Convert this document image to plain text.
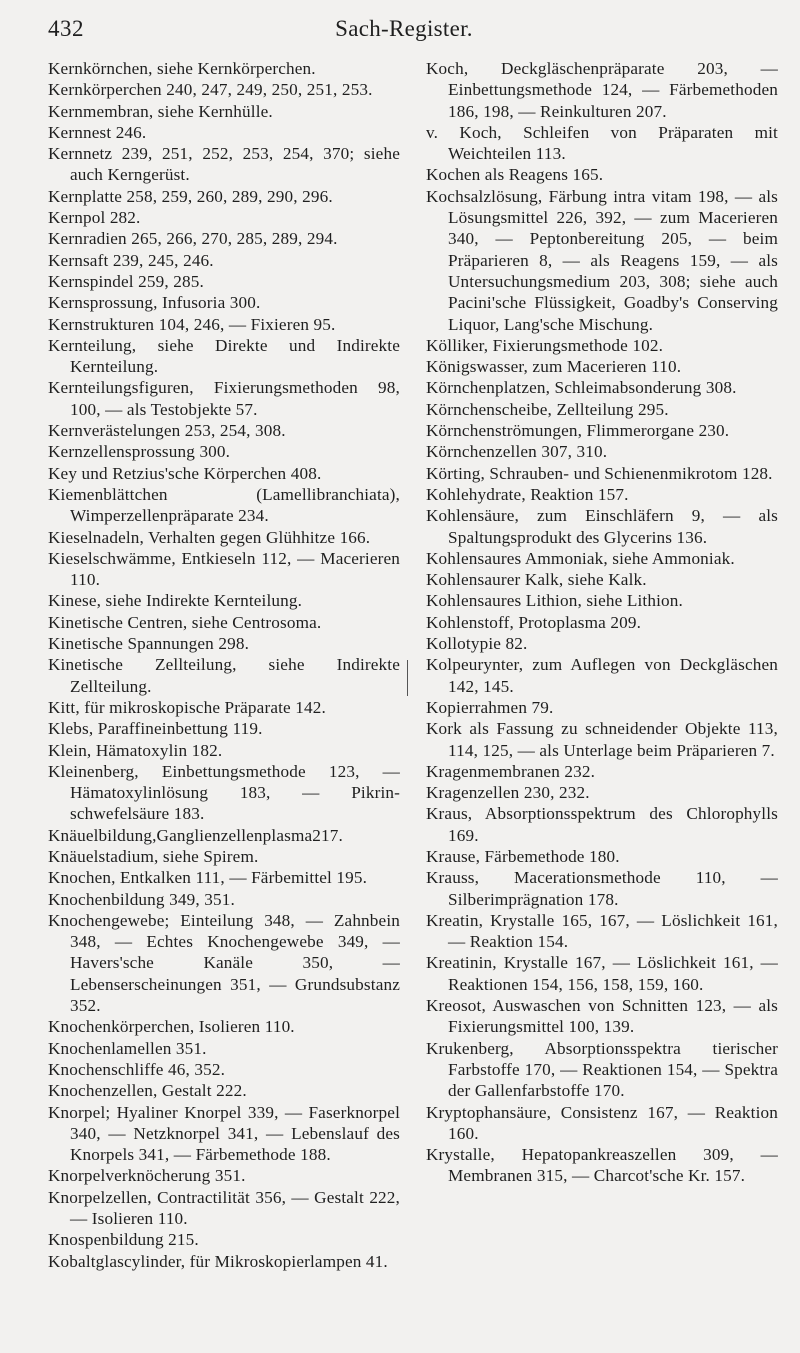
432	Sach-Register.

Kernkörnchen, siehe Kernkörperchen.

Kernkörperchen 240, 247, 249, 250, 251, 253.

Kernmembran, siehe Kernhülle.

Kernnest 246.

Kernnetz 239, 251, 252, 253, 254, 370; siehe auch Kerngerüst.

Kernplatte 258, 259, 260, 289, 290, 296.

Kernpol 282.

Kernradien 265, 266, 270, 285, 289, 294.

Kernsaft 239, 245, 246.

Kernspindel 259, 285.

Kernsprossung, Infusoria 300.

Kernstrukturen 104, 246, — Fixieren 95.

Kernteilung, siehe Direkte und Indirekte Kernteilung.

Kernteilungsfiguren, Fixierungsmethoden 98, 100, — als Testobjekte 57.

Kernverästelungen 253, 254, 308.

Kernzellensprossung 300.

Key und Retzius'sche Körperchen 408.

Kiemenblättchen (Lamellibranchiata), Wimperzellenpräparate 234.

Kieselnadeln, Verhalten gegen Glühhitze 166.

Kieselschwämme, Entkieseln 112, — Macerieren 110.

Kinese, siehe Indirekte Kernteilung.

Kinetische Centren, siehe Centrosoma.

Kinetische Spannungen 298.

Kinetische Zellteilung, siehe Indirekte Zellteilung.

Kitt, für mikroskopische Präparate 142.

Klebs, Paraffineinbettung 119.

Klein, Hämatoxylin 182.

Kleinenberg, Einbettungsmethode 123, — Hämatoxylinlösung 183, — Pikrin-schwefelsäure 183.

Knäuelbildung,Ganglienzellenplasma217.

Knäuelstadium, siehe Spirem.

Knochen, Entkalken 111, — Färbemittel 195.

Knochenbildung 349, 351.

Knochengewebe; Einteilung 348, — Zahnbein 348, — Echtes Knochengewebe 349, — Havers'sche Kanäle 350, — Lebenserscheinungen 351, — Grundsubstanz 352.

Knochenkörperchen, Isolieren 110.

Knochenlamellen 351.

Knochenschliffe 46, 352.

Knochenzellen, Gestalt 222.

Knorpel; Hyaliner Knorpel 339, — Faserknorpel 340, — Netzknorpel 341, — Lebenslauf des Knorpels 341, — Färbemethode 188.

Knorpelverknöcherung 351.

Knorpelzellen, Contractilität 356, — Gestalt 222, — Isolieren 110.

Knospenbildung 215.

Kobaltglascylinder, für Mikroskopierlampen 41.

Koch, Deckgläschenpräparate 203, — Einbettungsmethode 124, — Färbemethoden 186, 198, — Reinkulturen 207.

v. Koch, Schleifen von Präparaten mit Weichteilen 113.

Kochen als Reagens 165.

Kochsalzlösung, Färbung intra vitam 198, — als Lösungsmittel 226, 392, — zum Macerieren 340, — Peptonbereitung 205, — beim Präparieren 8, — als Reagens 159, — als Untersuchungsmedium 203, 308; siehe auch Pacini'sche Flüssigkeit, Goadby's Conserving Liquor, Lang'sche Mischung.

Kölliker, Fixierungsmethode 102.

Königswasser, zum Macerieren 110.

Körnchenplatzen, Schleimabsonderung 308.

Körnchenscheibe, Zellteilung 295.

Körnchenströmungen, Flimmerorgane 230.

Körnchenzellen 307, 310.

Körting, Schrauben- und Schienenmikrotom 128.

Kohlehydrate, Reaktion 157.

Kohlensäure, zum Einschläfern 9, — als Spaltungsprodukt des Glycerins 136.

Kohlensaures Ammoniak, siehe Ammoniak.

Kohlensaurer Kalk, siehe Kalk.

Kohlensaures Lithion, siehe Lithion.

Kohlenstoff, Protoplasma 209.

Kollotypie 82.

Kolpeurynter, zum Auflegen von Deckgläschen 142, 145.

Kopierrahmen 79.

Kork als Fassung zu schneidender Objekte 113, 114, 125, — als Unterlage beim Präparieren 7.

Kragenmembranen 232.

Kragenzellen 230, 232.

Kraus, Absorptionsspektrum des Chlorophylls 169.

Krause, Färbemethode 180.

Krauss, Macerationsmethode 110, — Silberimprägnation 178.

Kreatin, Krystalle 165, 167, — Löslichkeit 161, — Reaktion 154.

Kreatinin, Krystalle 167, — Löslichkeit 161, — Reaktionen 154, 156, 158, 159, 160.

Kreosot, Auswaschen von Schnitten 123, — als Fixierungsmittel 100, 139.

Krukenberg, Absorptionsspektra tierischer Farbstoffe 170, — Reaktionen 154, — Spektra der Gallenfarbstoffe 170.

Kryptophansäure, Consistenz 167, — Reaktion 160.

Krystalle, Hepatopankreaszellen 309, — Membranen 315, — Charcot'sche Kr. 157.
